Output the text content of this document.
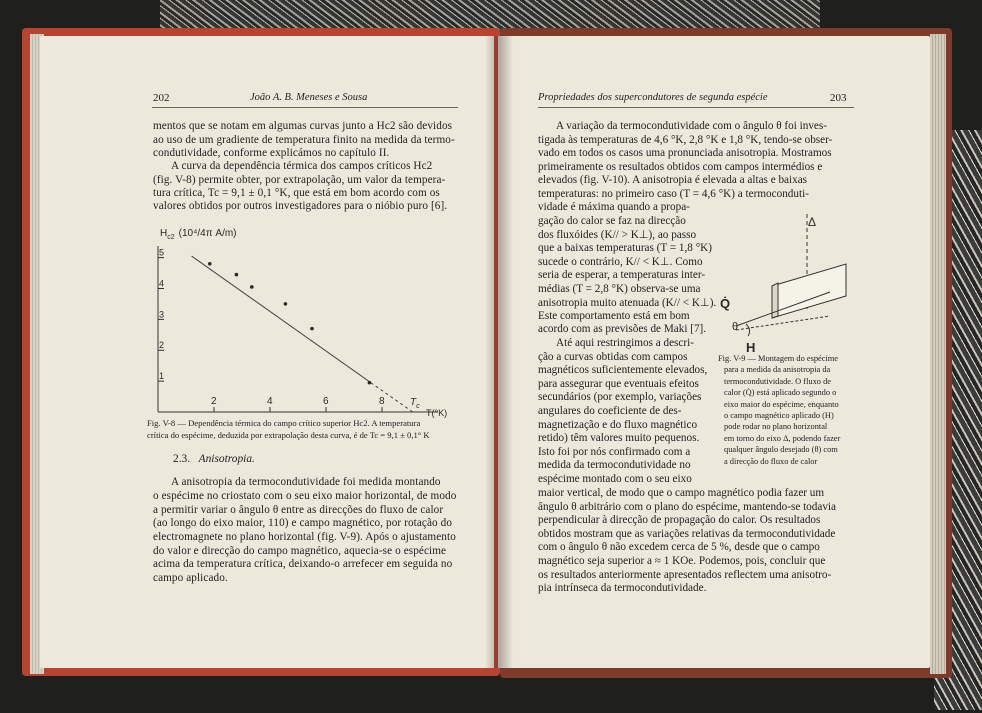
202	João A. B. Meneses e Sousa
mentos que se notam em algumas curvas junto a Hc2 são devidos
ao uso de um gradiente de temperatura finito na medida da termo-
condutividade, conforme explicámos no capítulo II.
A curva da dependência térmica dos campos críticos Hc2
(fig. V-8) permite obter, por extrapolação, um valor da tempera-
tura crítica, Tc = 9,1 ± 0,1 °K, que está em bom acordo com os
valores obtidos por outros investigadores para o nióbio puro [6].
$H_{c2}$ (10⁴/4π A/m)
2	4	6	8
1
2
3
4
5
$T_c$
T(°K)
Fig. V-8 — Dependência térmica do campo crítico superior Hc2. A temperatura
crítica do espécime, deduzida por extrapolação desta curva, é de Tc = 9,1 ± 0,1° K
2.3. Anisotropia.
A anisotropia da termocondutividade foi medida montando
o espécime no criostato com o seu eixo maior horizontal, de modo
a permitir variar o ângulo θ entre as direcções do fluxo de calor
(ao longo do eixo maior, 110) e campo magnético, por rotação do
electromagnete no plano horizontal (fig. V-9). Após o ajustamento
do valor e direcção do campo magnético, aquecia-se o espécime
acima da temperatura crítica, deixando-o arrefecer em seguida no
campo aplicado.
Propriedades dos supercondutores de segunda espécie	203
A variação da termocondutividade com o ângulo θ foi inves-
tigada às temperaturas de 4,6 °K, 2,8 °K e 1,8 °K, tendo-se obser-
vado em todos os casos uma pronunciada anisotropia. Mostramos
primeiramente os resultados obtidos com campos intermédios e
elevados (fig. V-10). A anisotropia é elevada a altas e baixas
temperaturas: no primeiro caso (T = 4,6 °K) a termoconduti-
vidade é máxima quando a propa-
gação do calor se faz na direcção
dos fluxóides (K// > K⊥), ao passo
que a baixas temperaturas (T = 1,8 °K)
sucede o contrário, K// < K⊥. Como
seria de esperar, a temperaturas inter-
médias (T = 2,8 °K) observa-se uma
anisotropia muito atenuada (K// < K⊥).
Este comportamento está em bom
acordo com as previsões de Maki [7].
Até aqui restringimos a descri-
ção a curvas obtidas com campos
magnéticos suficientemente elevados,
para assegurar que eventuais efeitos
secundários (por exemplo, variações
angulares do coeficiente de des-
magnetização e do fluxo magnético
retido) têm valores muito pequenos.
Isto foi por nós confirmado com a
medida da termocondutividade no
espécime montado com o seu eixo
maior vertical, de modo que o campo magnético podia fazer um
ângulo θ arbitrário com o plano do espécime, mantendo-se todavia
perpendicular à direcção de propagação do calor. Os resultados
obtidos mostram que as variações relativas da termocondutividade
com o ângulo θ não excedem cerca de 5 %, desde que o campo
magnético seja superior a ≈ 1 KOe. Podemos, pois, concluir que
os resultados anteriormente apresentados reflectem uma anisotro-
pia intrínseca da termocondutividade.
Δ
Q̇
θ
H
Fig. V-9 — Montagem do espécime
para a medida da anisotropia da
termocondutividade. O fluxo de
calor (Q̇) está aplicado segundo o
eixo maior do espécime, enquanto
o campo magnético aplicado (H)
pode rodar no plano horizontal
em torno do eixo Δ, podendo fazer
qualquer ângulo desejado (θ) com
a direcção do fluxo de calor
